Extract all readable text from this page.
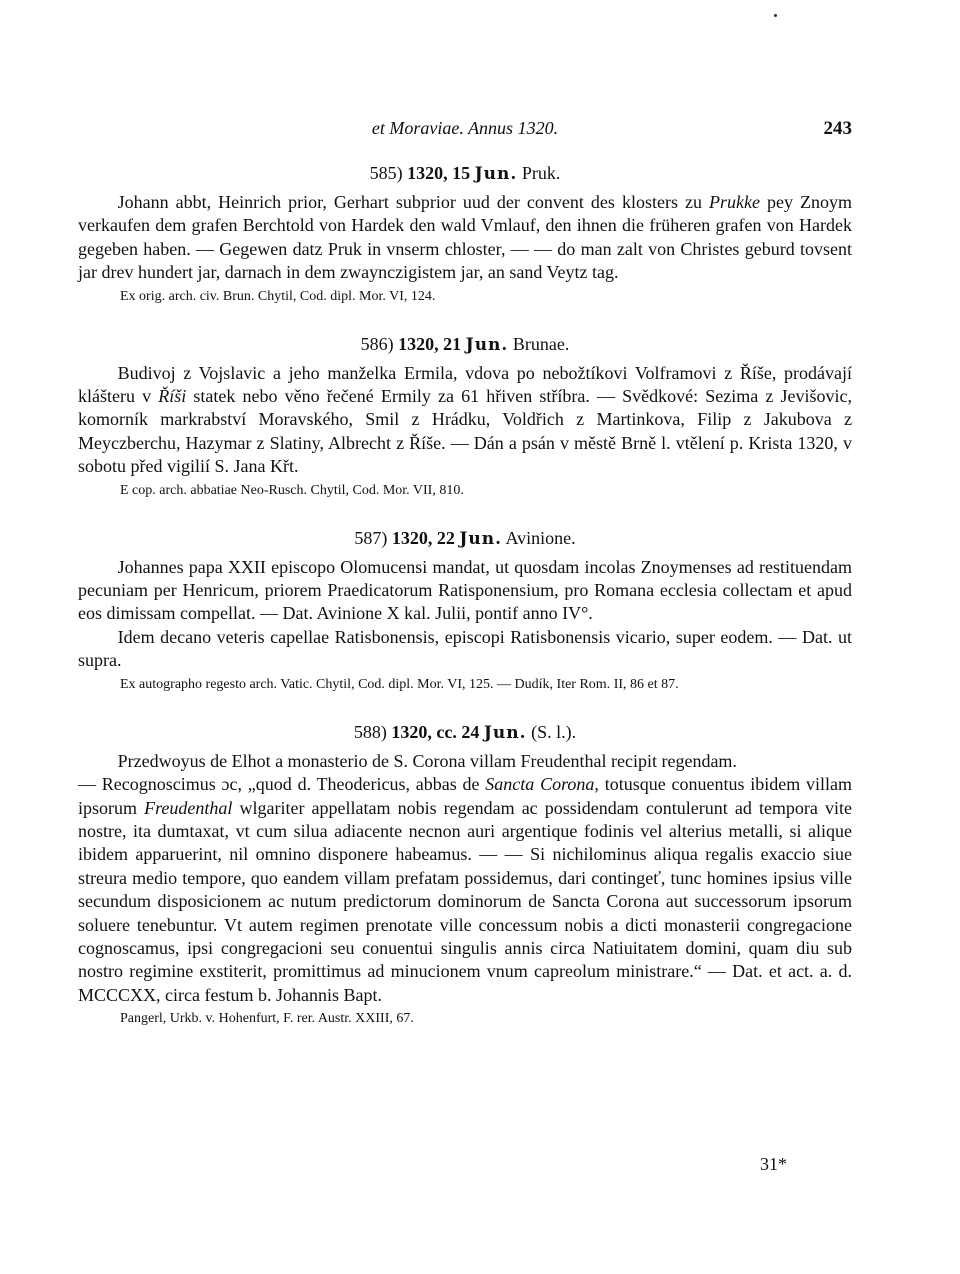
et Moraviae. Annus 1320.	243
585) 1320, 15 Jun. Pruk.

Johann abbt, Heinrich prior, Gerhart subprior uud der convent des klosters zu Prukke pey Znoym verkaufen dem grafen Berchtold von Hardek den wald Vmlauf, den ihnen die früheren grafen von Hardek gegeben haben. — Gegewen datz Pruk in vnserm chloster, — — do man zalt von Christes geburd tovsent jar drev hundert jar, darnach in dem zwaynczigistem jar, an sand Veytz tag.

Ex orig. arch. civ. Brun. Chytil, Cod. dipl. Mor. VI, 124.
586) 1320, 21 Jun. Brunae.

Budivoj z Vojslavic a jeho manželka Ermila, vdova po nebožtíkovi Volframovi z Říše, prodávají klášteru v Říši statek nebo věno řečené Ermily za 61 hřiven stříbra. — Svědkové: Sezima z Jevišovic, komorník markrabství Moravského, Smil z Hrádku, Voldřich z Martinkova, Filip z Jakubova z Meyczberchu, Hazymar z Slatiny, Albrecht z Říše. — Dán a psán v městě Brně l. vtělení p. Krista 1320, v sobotu před vigilií S. Jana Křt.

E cop. arch. abbatiae Neo-Rusch. Chytil, Cod. Mor. VII, 810.
587) 1320, 22 Jun. Avinione.

Johannes papa XXII episcopo Olomucensi mandat, ut quosdam incolas Znoymenses ad restituendam pecuniam per Henricum, priorem Praedicatorum Ratisponensium, pro Romana ecclesia collectam et apud eos dimissam compellat. — Dat. Avinione X kal. Julii, pontif anno IV°.

Idem decano veteris capellae Ratisbonensis, episcopi Ratisbonensis vicario, super eodem. — Dat. ut supra.

Ex autographo regesto arch. Vatic. Chytil, Cod. dipl. Mor. VI, 125. — Dudík, Iter Rom. II, 86 et 87.
588) 1320, cc. 24 Jun. (S. l.).

Przedwoyus de Elhot a monasterio de S. Corona villam Freudenthal recipit regendam.

— Recognoscimus ɔc, „quod d. Theodericus, abbas de Sancta Corona, totusque conuentus ibidem villam ipsorum Freudenthal wlgariter appellatam nobis regendam ac possidendam contulerunt ad tempora vite nostre, ita dumtaxat, vt cum silua adiacente necnon auri argentique fodinis vel alterius metalli, si alique ibidem apparuerint, nil omnino disponere habeamus. — — Si nichilominus aliqua regalis exaccio siue streura medio tempore, quo eandem villam prefatam possidemus, dari contingeť, tunc homines ipsius ville secundum disposicionem ac nutum predictorum dominorum de Sancta Corona aut successorum ipsorum soluere tenebuntur. Vt autem regimen prenotate ville concessum nobis a dicti monasterii congregacione cognoscamus, ipsi congregacioni seu conuentui singulis annis circa Natiuitatem domini, quam diu sub nostro regimine exstiterit, promittimus ad minucionem vnum capreolum ministrare.“ — Dat. et act. a. d. MCCCXX, circa festum b. Johannis Bapt.

Pangerl, Urkb. v. Hohenfurt, F. rer. Austr. XXIII, 67.
31*
